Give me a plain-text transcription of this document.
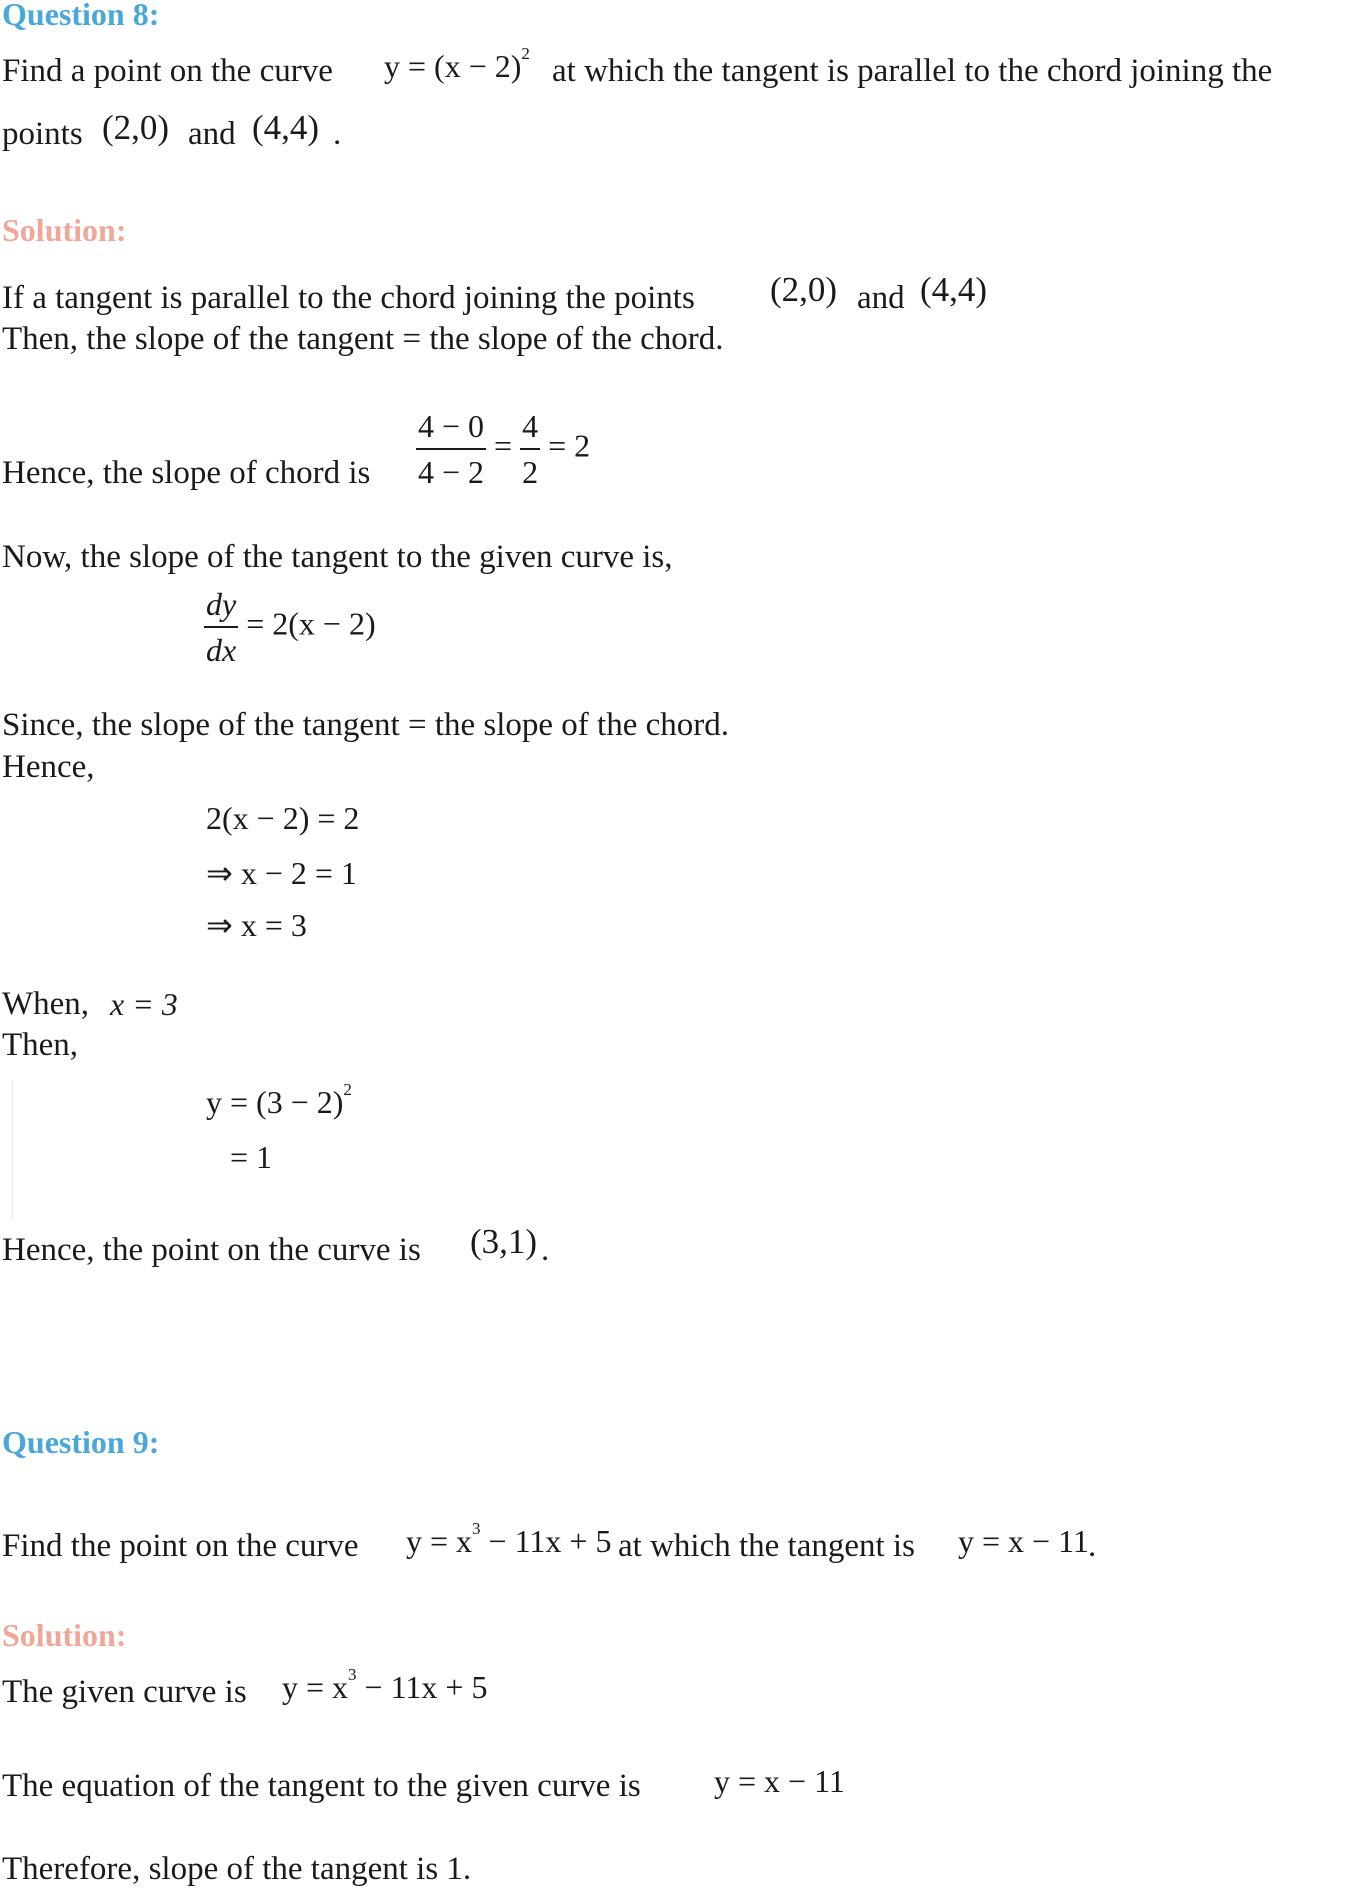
Question 8:
Find a point on the curve $y = (x - 2)^2$ at which the tangent is parallel to the chord joining the
points (2,0) and (4,4) .
Solution:
If a tangent is parallel to the chord joining the points (2,0) and (4,4)
Then, the slope of the tangent = the slope of the chord.
Hence, the slope of chord is $\frac{4 - 0}{4 - 2} = \frac{4}{2} = 2$
Now, the slope of the tangent to the given curve is,
$\frac{dy}{dx} = 2(x - 2)$
Since, the slope of the tangent = the slope of the chord.
Hence,
2(x − 2) = 2
⇒ x − 2 = 1
⇒ x = 3
When, x = 3
Then,
$y = (3 - 2)^2$
= 1
Hence, the point on the curve is (3,1) .
Question 9:
Find the point on the curve $y = x^3 - 11x + 5$ at which the tangent is y = x − 11 .
Solution:
The given curve is $y = x^3 - 11x + 5$
The equation of the tangent to the given curve is y = x − 11
Therefore, slope of the tangent is 1.
